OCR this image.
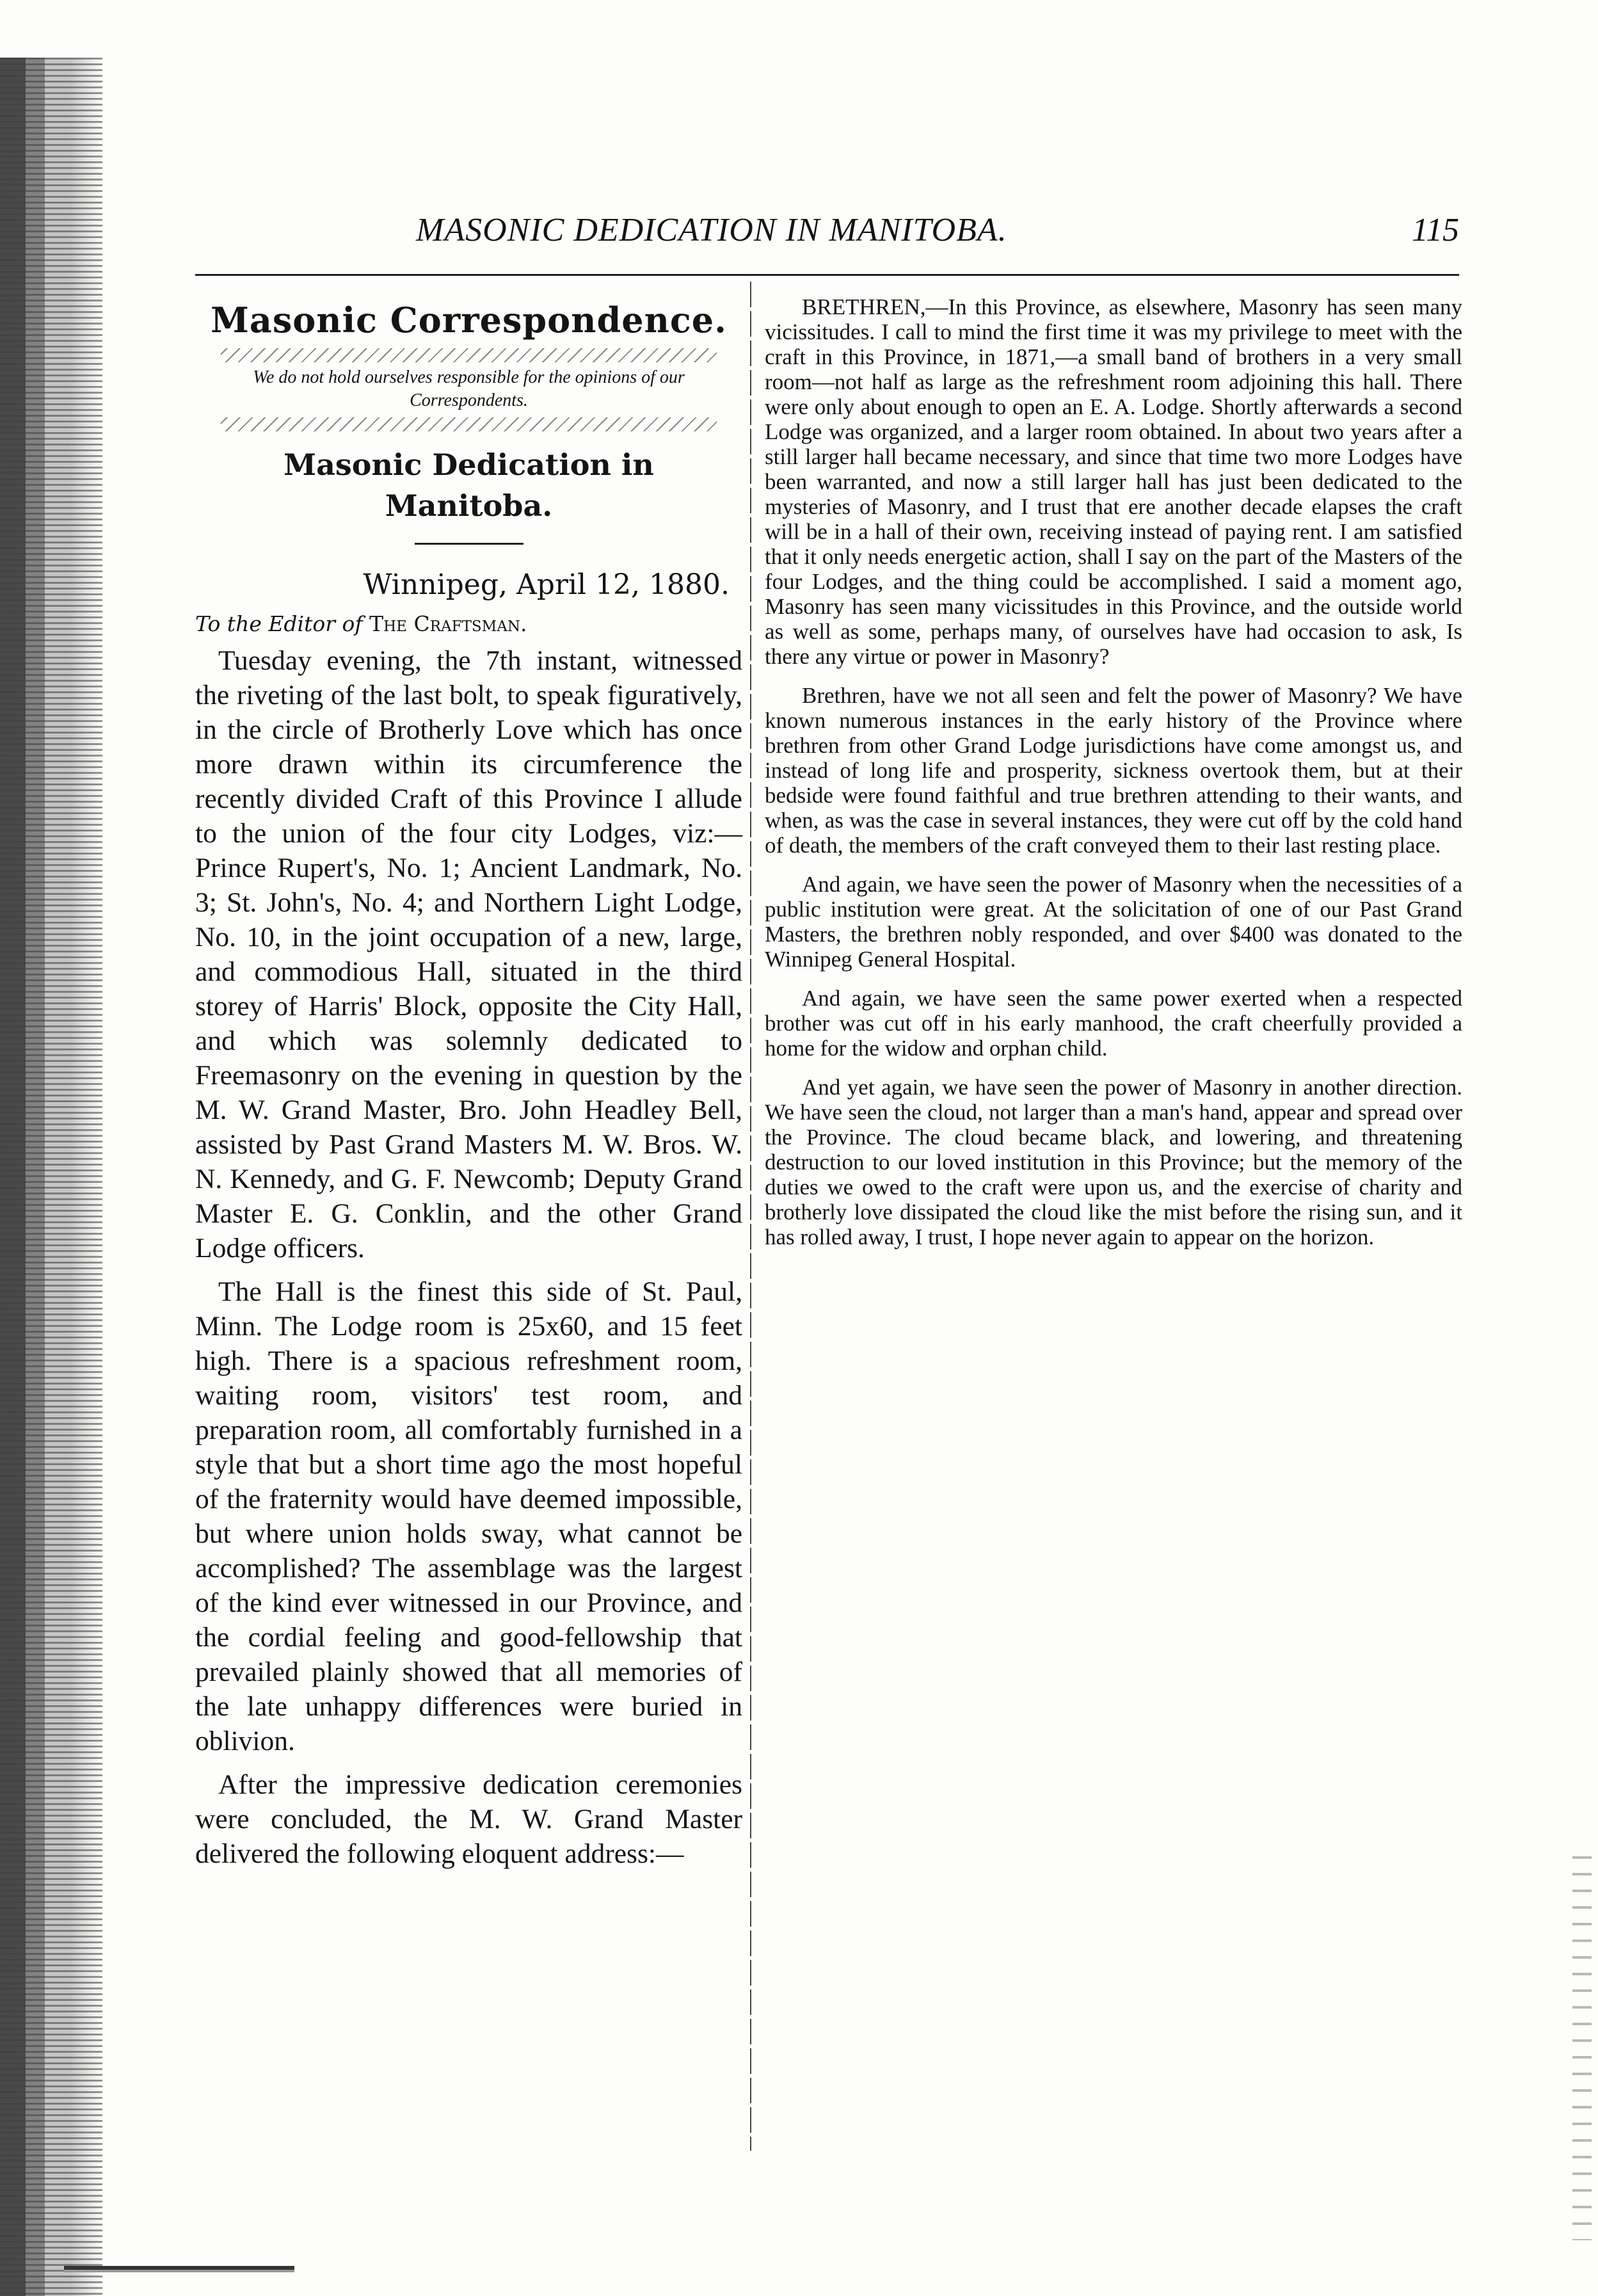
MASONIC DEDICATION IN MANITOBA.	115
Masonic Correspondence.
We do not hold ourselves responsible for the opinions of our Correspondents.
Masonic Dedication in Manitoba.
Winnipeg, April 12, 1880.
To the Editor of The Craftsman.

Tuesday evening, the 7th instant, witnessed the riveting of the last bolt, to speak figuratively, in the circle of Brotherly Love which has once more drawn within its circumference the recently divided Craft of this Province I allude to the union of the four city Lodges, viz:—Prince Rupert's, No. 1; Ancient Landmark, No. 3; St. John's, No. 4; and Northern Light Lodge, No. 10, in the joint occupation of a new, large, and commodious Hall, situated in the third storey of Harris' Block, opposite the City Hall, and which was solemnly dedicated to Freemasonry on the evening in question by the M. W. Grand Master, Bro. John Headley Bell, assisted by Past Grand Masters M. W. Bros. W. N. Kennedy, and G. F. Newcomb; Deputy Grand Master E. G. Conklin, and the other Grand Lodge officers.

The Hall is the finest this side of St. Paul, Minn. The Lodge room is 25x60, and 15 feet high. There is a spacious refreshment room, waiting room, visitors' test room, and preparation room, all comfortably furnished in a style that but a short time ago the most hopeful of the fraternity would have deemed impossible, but where union holds sway, what cannot be accomplished? The assemblage was the largest of the kind ever witnessed in our Province, and the cordial feeling and good-fellowship that prevailed plainly showed that all memories of the late unhappy differences were buried in oblivion.

After the impressive dedication ceremonies were concluded, the M. W. Grand Master delivered the following eloquent address:—

BRETHREN,—In this Province, as elsewhere, Masonry has seen many vicissitudes. I call to mind the first time it was my privilege to meet with the craft in this Province, in 1871,—a small band of brothers in a very small room—not half as large as the refreshment room adjoining this hall. There were only about enough to open an E. A. Lodge. Shortly afterwards a second Lodge was organized, and a larger room obtained. In about two years after a still larger hall became necessary, and since that time two more Lodges have been warranted, and now a still larger hall has just been dedicated to the mysteries of Masonry, and I trust that ere another decade elapses the craft will be in a hall of their own, receiving instead of paying rent. I am satisfied that it only needs energetic action, shall I say on the part of the Masters of the four Lodges, and the thing could be accomplished. I said a moment ago, Masonry has seen many vicissitudes in this Province, and the outside world as well as some, perhaps many, of ourselves have had occasion to ask, Is there any virtue or power in Masonry?

Brethren, have we not all seen and felt the power of Masonry? We have known numerous instances in the early history of the Province where brethren from other Grand Lodge jurisdictions have come amongst us, and instead of long life and prosperity, sickness overtook them, but at their bedside were found faithful and true brethren attending to their wants, and when, as was the case in several instances, they were cut off by the cold hand of death, the members of the craft conveyed them to their last resting place.

And again, we have seen the power of Masonry when the necessities of a public institution were great. At the solicitation of one of our Past Grand Masters, the brethren nobly responded, and over $400 was donated to the Winnipeg General Hospital.

And again, we have seen the same power exerted when a respected brother was cut off in his early manhood, the craft cheerfully provided a home for the widow and orphan child.

And yet again, we have seen the power of Masonry in another direction. We have seen the cloud, not larger than a man's hand, appear and spread over the Province. The cloud became black, and lowering, and threatening destruction to our loved institution in this Province; but the memory of the duties we owed to the craft were upon us, and the exercise of charity and brotherly love dissipated the cloud like the mist before the rising sun, and it has rolled away, I trust, I hope never again to appear on the horizon.
